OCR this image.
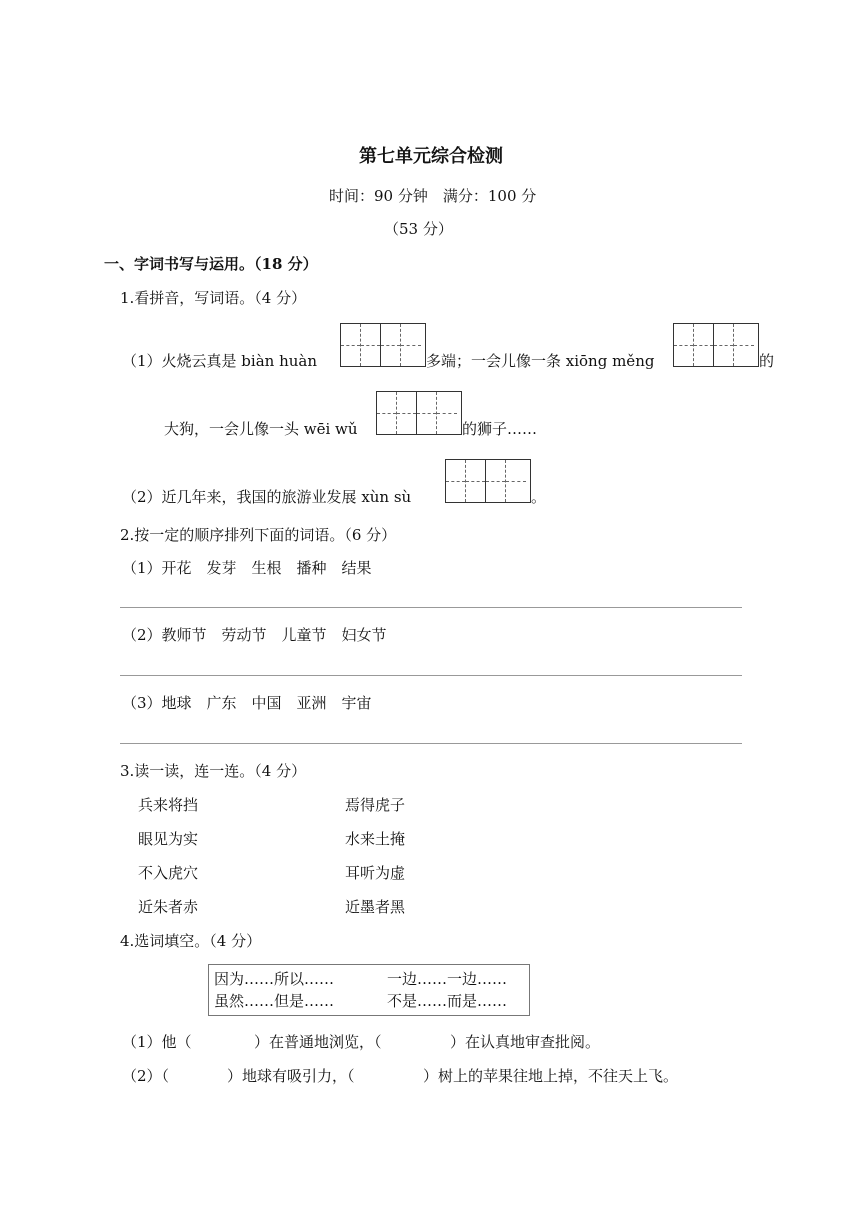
第七单元综合检测
时间：90 分钟　满分：100 分
（53 分）
一、字词书写与运用。（18 分）
1.看拼音，写词语。（4 分）
（1）火烧云真是 biàn huàn	多端；一会儿像一条 xiōng měng	的
大狗，一会儿像一头 wēi wǔ	的狮子……
（2）近几年来，我国的旅游业发展 xùn sù	。
2.按一定的顺序排列下面的词语。（6 分）
（1）开花　发芽　生根　播种　结果
（2）教师节　劳动节　儿童节　妇女节
（3）地球　广东　中国　亚洲　宇宙
3.读一读，连一连。（4 分）
兵来将挡	焉得虎子
眼见为实	水来土掩
不入虎穴	耳听为虚
近朱者赤	近墨者黑
4.选词填空。（4 分）
因为……所以……	一边……一边……
虽然……但是……	不是……而是……
（1）他（	）在普通地浏览，（	）在认真地审查批阅。
（2）（	）地球有吸引力，（	）树上的苹果往地上掉，不往天上飞。
